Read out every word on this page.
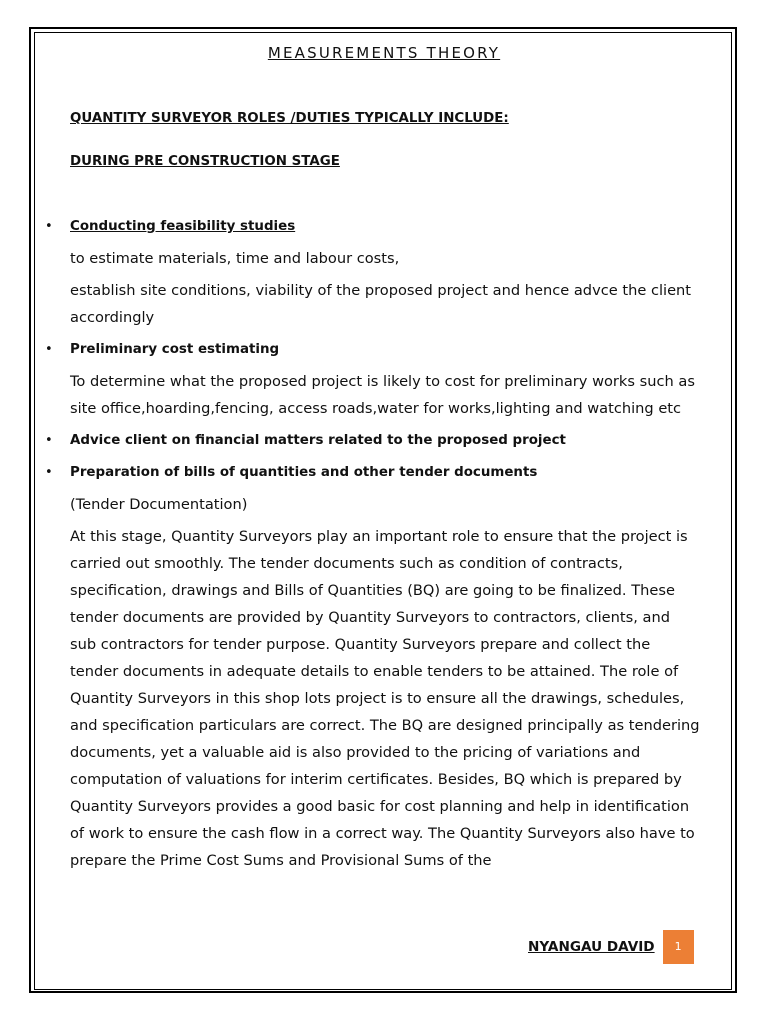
MEASUREMENTS THEORY

QUANTITY SURVEYOR ROLES /DUTIES TYPICALLY INCLUDE:

DURING PRE CONSTRUCTION STAGE

• Conducting feasibility studies

to estimate materials, time and labour costs,

establish site conditions, viability of the proposed project and hence advce the client accordingly

• Preliminary cost estimating

To determine what the proposed project is likely to cost for preliminary works such as site office,hoarding,fencing, access roads,water for works,lighting and watching etc

• Advice client on financial matters related to the proposed project
• Preparation of bills of quantities and other tender documents

(Tender Documentation)

At this stage, Quantity Surveyors play an important role to ensure that the project is carried out smoothly. The tender documents such as condition of contracts, specification, drawings and Bills of Quantities (BQ) are going to be finalized. These tender documents are provided by Quantity Surveyors to contractors, clients, and sub contractors for tender purpose. Quantity Surveyors prepare and collect the tender documents in adequate details to enable tenders to be attained. The role of Quantity Surveyors in this shop lots project is to ensure all the drawings, schedules, and specification particulars are correct. The BQ are designed principally as tendering documents, yet a valuable aid is also provided to the pricing of variations and computation of valuations for interim certificates. Besides, BQ which is prepared by Quantity Surveyors provides a good basic for cost planning and help in identification of work to ensure the cash flow in a correct way. The Quantity Surveyors also have to prepare the Prime Cost Sums and Provisional Sums of the

NYANGAU DAVID	1
